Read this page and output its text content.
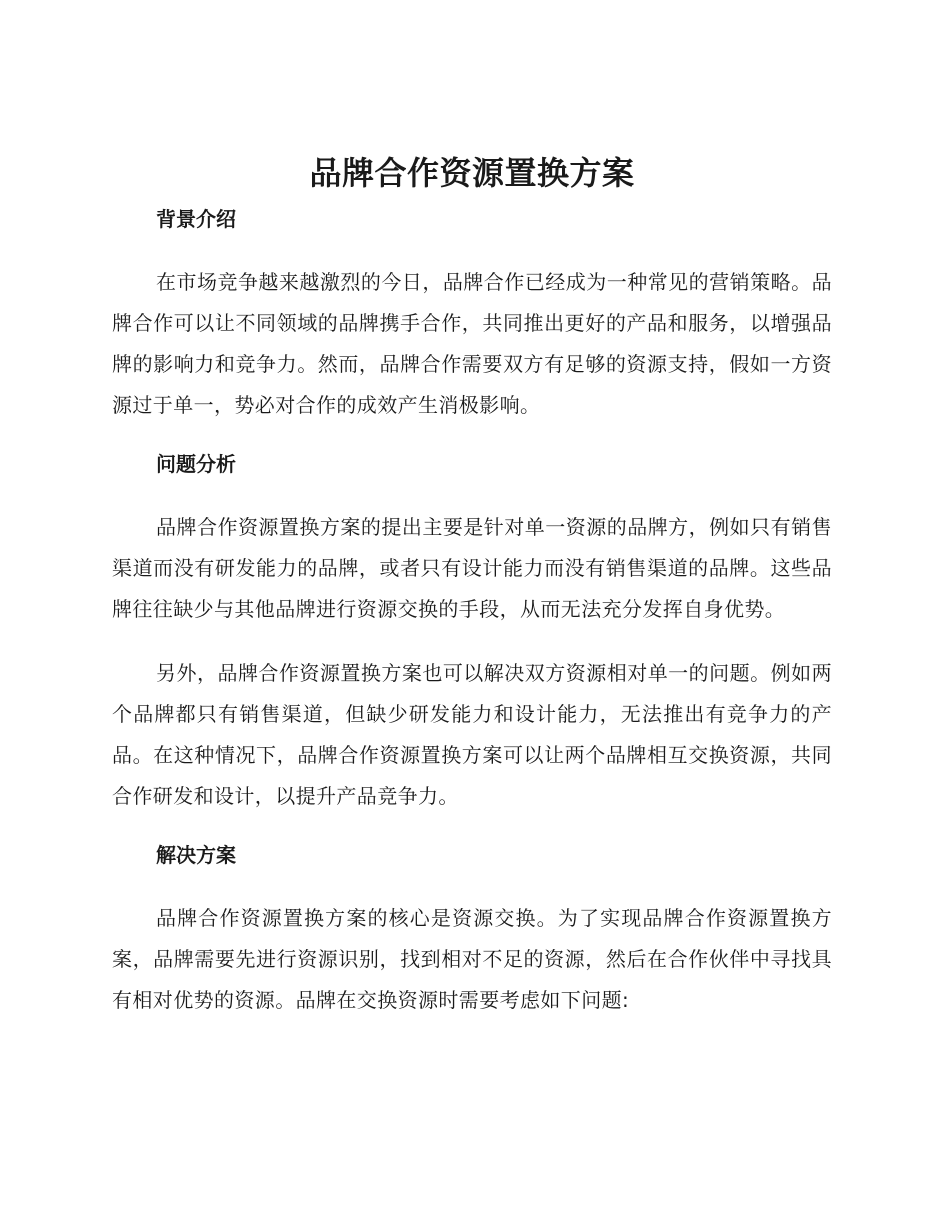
品牌合作资源置换方案
背景介绍

在市场竞争越来越激烈的今日，品牌合作已经成为一种常见的营销策略。品牌合作可以让不同领域的品牌携手合作，共同推出更好的产品和服务，以增强品牌的影响力和竞争力。然而，品牌合作需要双方有足够的资源支持，假如一方资源过于单一，势必对合作的成效产生消极影响。

问题分析

品牌合作资源置换方案的提出主要是针对单一资源的品牌方，例如只有销售渠道而没有研发能力的品牌，或者只有设计能力而没有销售渠道的品牌。这些品牌往往缺少与其他品牌进行资源交换的手段，从而无法充分发挥自身优势。

另外，品牌合作资源置换方案也可以解决双方资源相对单一的问题。例如两个品牌都只有销售渠道，但缺少研发能力和设计能力，无法推出有竞争力的产品。在这种情况下，品牌合作资源置换方案可以让两个品牌相互交换资源，共同合作研发和设计，以提升产品竞争力。

解决方案

品牌合作资源置换方案的核心是资源交换。为了实现品牌合作资源置换方案，品牌需要先进行资源识别，找到相对不足的资源，然后在合作伙伴中寻找具有相对优势的资源。品牌在交换资源时需要考虑如下问题:
